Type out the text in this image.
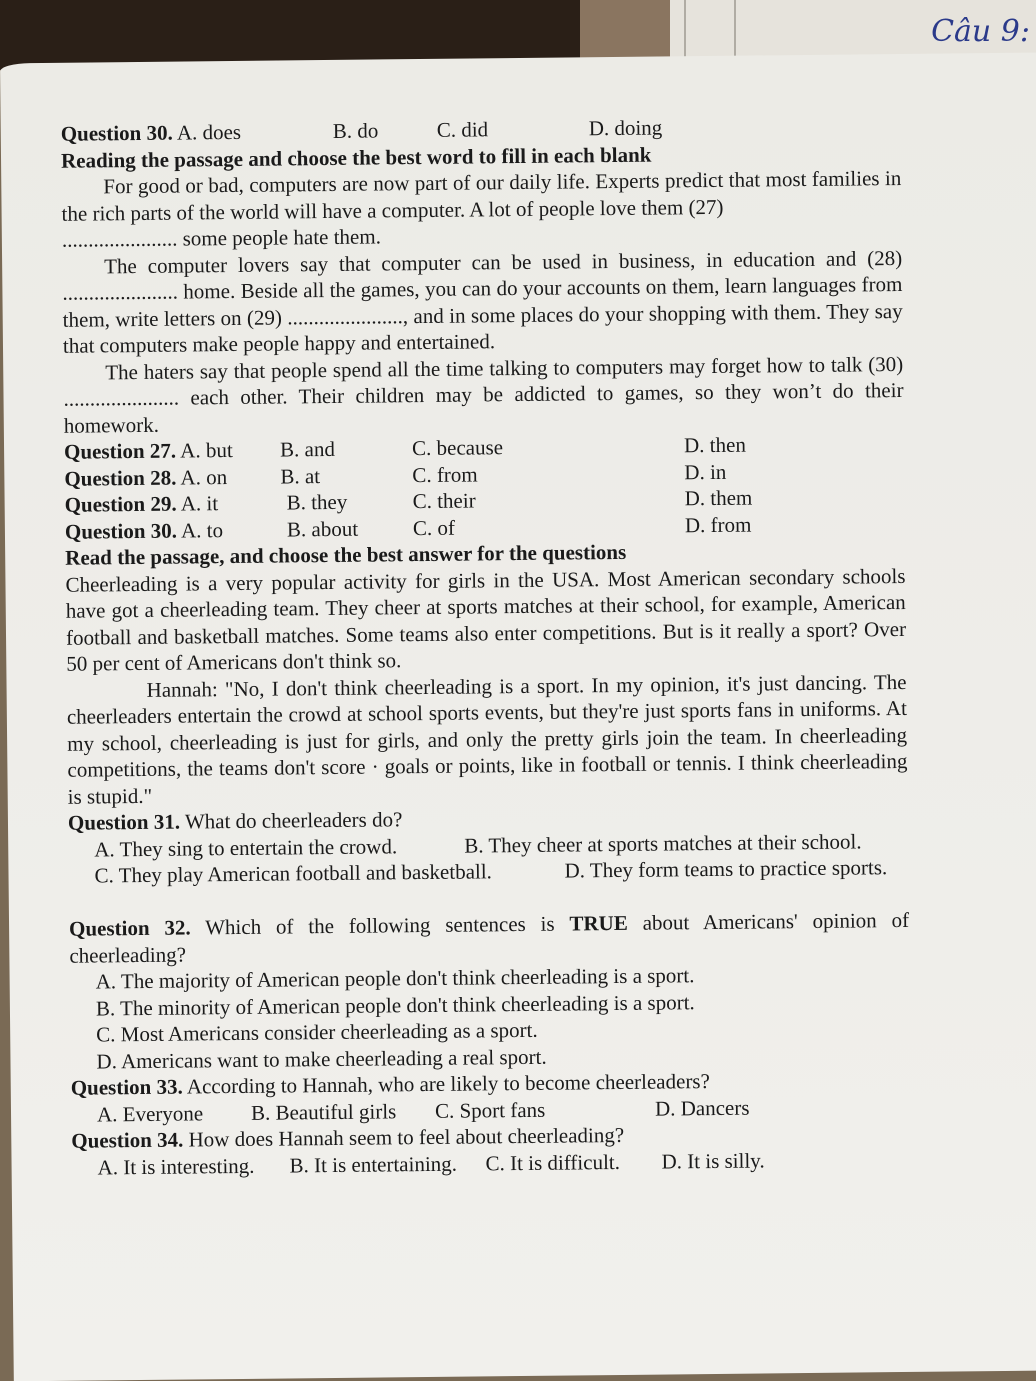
Câu 9:
Question 30. A. does	B. do	C. did	D. doing
Reading the passage and choose the best word to fill in each blank

For good or bad, computers are now part of our daily life. Experts predict that most families in the rich parts of the world will have a computer. A lot of people love them (27)
...................... some people hate them.

The computer lovers say that computer can be used in business, in education and (28) ...................... home. Beside all the games, you can do your accounts on them, learn languages from them, write letters on (29) ......................, and in some places do your shopping with them. They say that computers make people happy and entertained.

The haters say that people spend all the time talking to computers may forget how to talk (30) ...................... each other. Their children may be addicted to games, so they won’t do their homework.

Question 27. A. but B. and	C. because	D. then
Question 28. A. on	B. at	C. from	D. in
Question 29. A. it	B. they	C. their	D. them
Question 30. A. to	B. about	C. of	D. from
Read the passage, and choose the best answer for the questions

Cheerleading is a very popular activity for girls in the USA. Most American secondary schools have got a cheerleading team. They cheer at sports matches at their school, for example, American football and basketball matches. Some teams also enter competitions. But is it really a sport? Over 50 per cent of Americans don't think so.

Hannah: "No, I don't think cheerleading is a sport. In my opinion, it's just dancing. The cheerleaders entertain the crowd at school sports events, but they're just sports fans in uniforms. At my school, cheerleading is just for girls, and only the pretty girls join the team. In cheerleading competitions, the teams don't score · goals or points, like in football or tennis. I think cheerleading is stupid."

Question 31. What do cheerleaders do?
A. They sing to entertain the crowd.	B. They cheer at sports matches at their school.
C. They play American football and basketball.	D. They form teams to practice sports.

Question 32. Which of the following sentences is TRUE about Americans' opinion of cheerleading?

A. The majority of American people don't think cheerleading is a sport.
B. The minority of American people don't think cheerleading is a sport.
C. Most Americans consider cheerleading as a sport.
D. Americans want to make cheerleading a real sport.
Question 33. According to Hannah, who are likely to become cheerleaders?
A. Everyone B. Beautiful girls C. Sport fans	D. Dancers
Question 34. How does Hannah seem to feel about cheerleading?
A. It is interesting. B. It is entertaining. C. It is difficult. D. It is silly.
